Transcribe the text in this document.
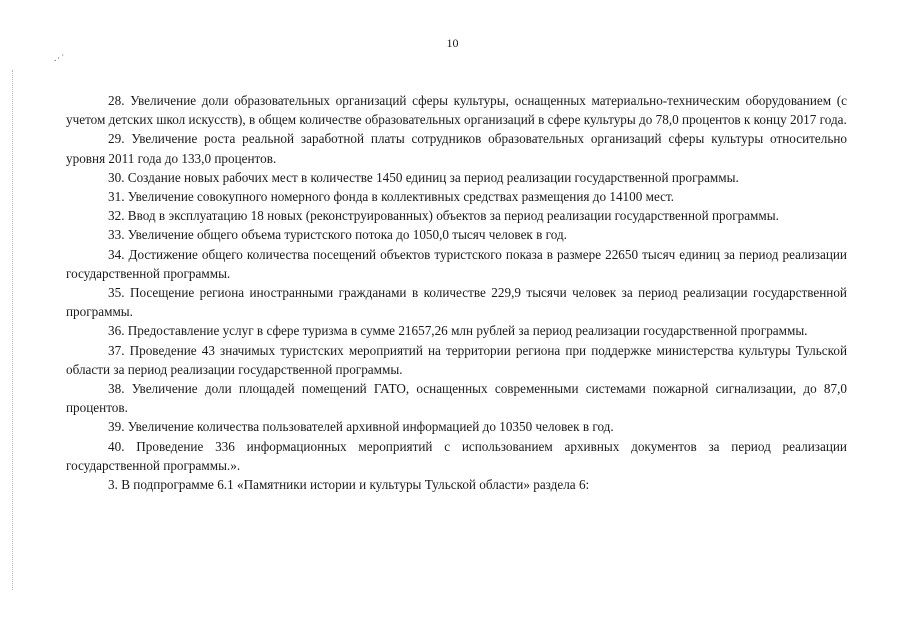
10
.·˙

28. Увеличение доли образовательных организаций сферы культуры, оснащенных материально-техническим оборудованием (с учетом детских школ искусств), в общем количестве образовательных организаций в сфере культуры до 78,0 процентов к концу 2017 года.

29. Увеличение роста реальной заработной платы сотрудников образовательных организаций сферы культуры относительно уровня 2011 года до 133,0 процентов.

30. Создание новых рабочих мест в количестве 1450 единиц за период реализации государственной программы.

31. Увеличение совокупного номерного фонда в коллективных средствах размещения до 14100 мест.

32. Ввод в эксплуатацию 18 новых (реконструированных) объектов за период реализации государственной программы.

33. Увеличение общего объема туристского потока до 1050,0 тысяч человек в год.

34. Достижение общего количества посещений объектов туристского показа в размере 22650 тысяч единиц за период реализации государственной программы.

35. Посещение региона иностранными гражданами в количестве 229,9 тысячи человек за период реализации государственной программы.

36. Предоставление услуг в сфере туризма в сумме 21657,26 млн рублей за период реализации государственной программы.

37. Проведение 43 значимых туристских мероприятий на территории региона при поддержке министерства культуры Тульской области за период реализации государственной программы.

38. Увеличение доли площадей помещений ГАТО, оснащенных современными системами пожарной сигнализации, до 87,0 процентов.

39. Увеличение количества пользователей архивной информацией до 10350 человек в год.

40. Проведение 336 информационных мероприятий с использованием архивных документов за период реализации государственной программы.».

3. В подпрограмме 6.1 «Памятники истории и культуры Тульской области» раздела 6:
